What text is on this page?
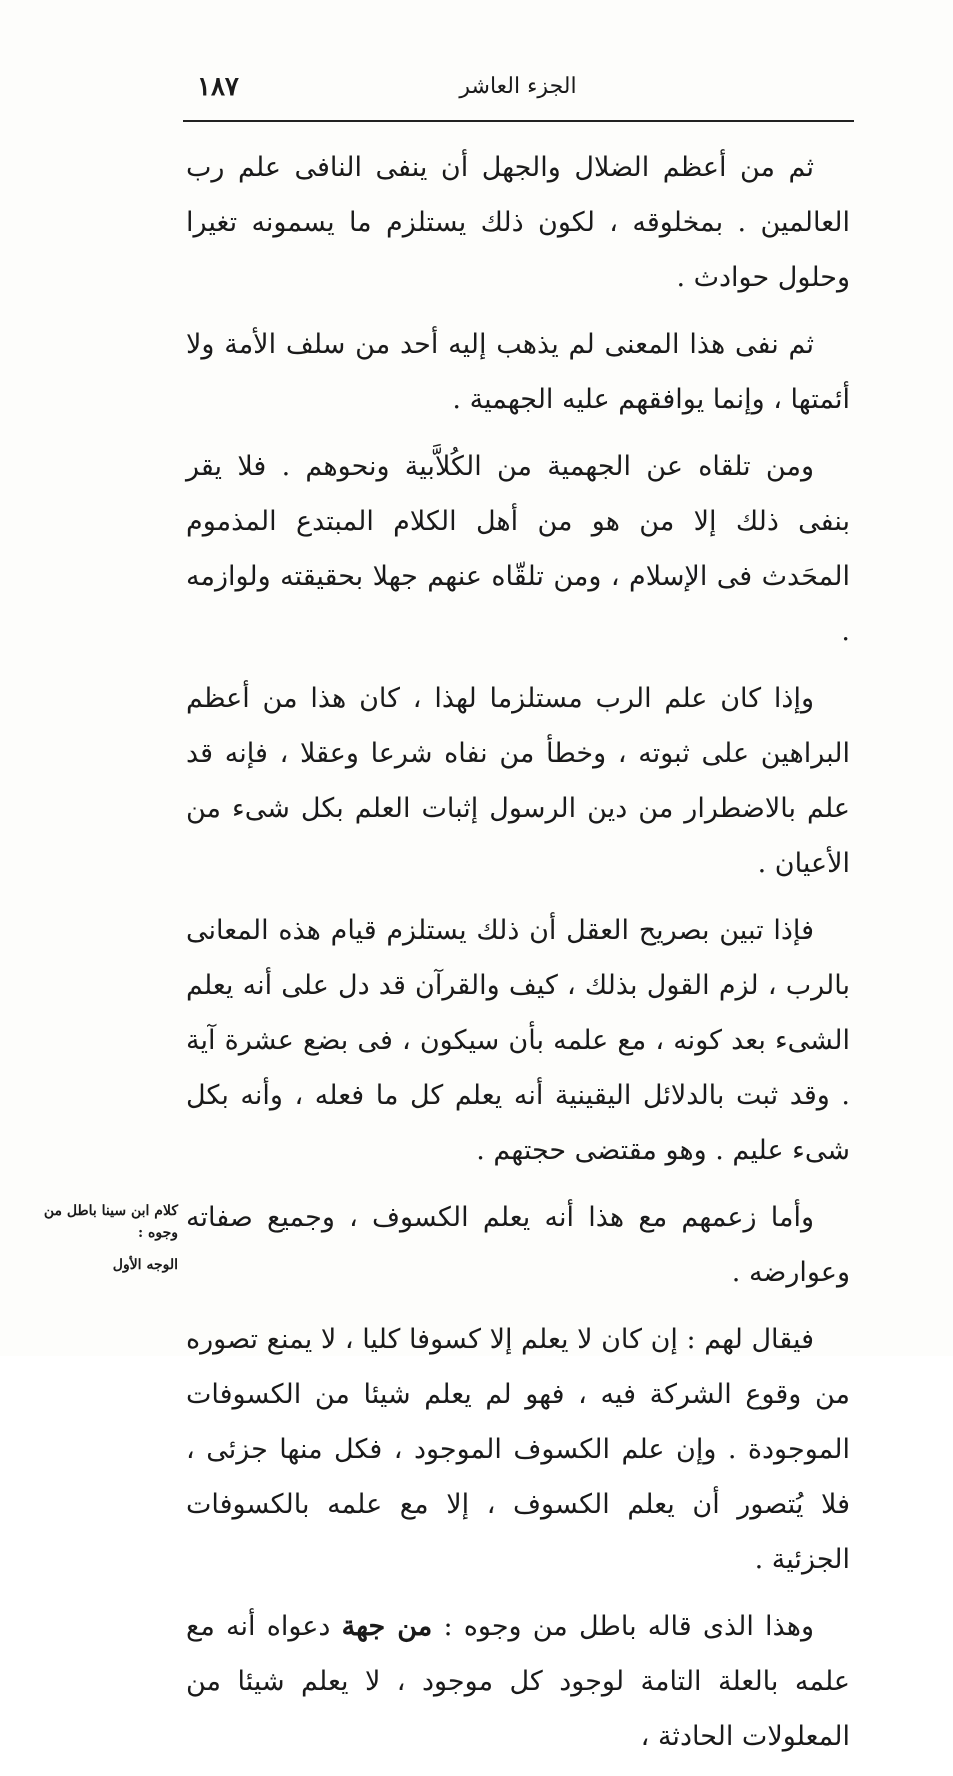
١٨٧	الجزء العاشر

ثم من أعظم الضلال والجهل أن ينفى النافى علم رب العالمين . بمخلوقه ، لكون ذلك يستلزم ما يسمونه تغيرا وحلول حوادث .

ثم نفى هذا المعنى لم يذهب إليه أحد من سلف الأمة ولا أئمتها ، وإنما يوافقهم عليه الجهمية .

ومن تلقاه عن الجهمية من الكُلاَّبية ونحوهم . فلا يقر بنفى ذلك إلا من هو من أهل الكلام المبتدع المذموم المحَدث فى الإسلام ، ومن تلقّاه عنهم جهلا بحقيقته ولوازمه .

وإذا كان علم الرب مستلزما لهذا ، كان هذا من أعظم البراهين على ثبوته ، وخطأ من نفاه شرعا وعقلا ، فإنه قد علم بالاضطرار من دين الرسول إثبات العلم بكل شىء من الأعيان .

فإذا تبين بصريح العقل أن ذلك يستلزم قيام هذه المعانى بالرب ، لزم القول بذلك ، كيف والقرآن قد دل على أنه يعلم الشىء بعد كونه ، مع علمه بأن سيكون ، فى بضع عشرة آية . وقد ثبت بالدلائل اليقينية أنه يعلم كل ما فعله ، وأنه بكل شىء عليم . وهو مقتضى حجتهم .

وأما زعمهم مع هذا أنه يعلم الكسوف ، وجميع صفاته وعوارضه .

فيقال لهم : إن كان لا يعلم إلا كسوفا كليا ، لا يمنع تصوره من وقوع الشركة فيه ، فهو لم يعلم شيئا من الكسوفات الموجودة . وإن علم الكسوف الموجود ، فكل منها جزئى ، فلا يُتصور أن يعلم الكسوف ، إلا مع علمه بالكسوفات الجزئية .

وهذا الذى قاله باطل من وجوه : من جهة دعواه أنه مع علمه بالعلة التامة لوجود كل موجود ، لا يعلم شيئا من المعلولات الحادثة ،

كلام ابن سينا باطل من وجوه :
الوجه الأول
